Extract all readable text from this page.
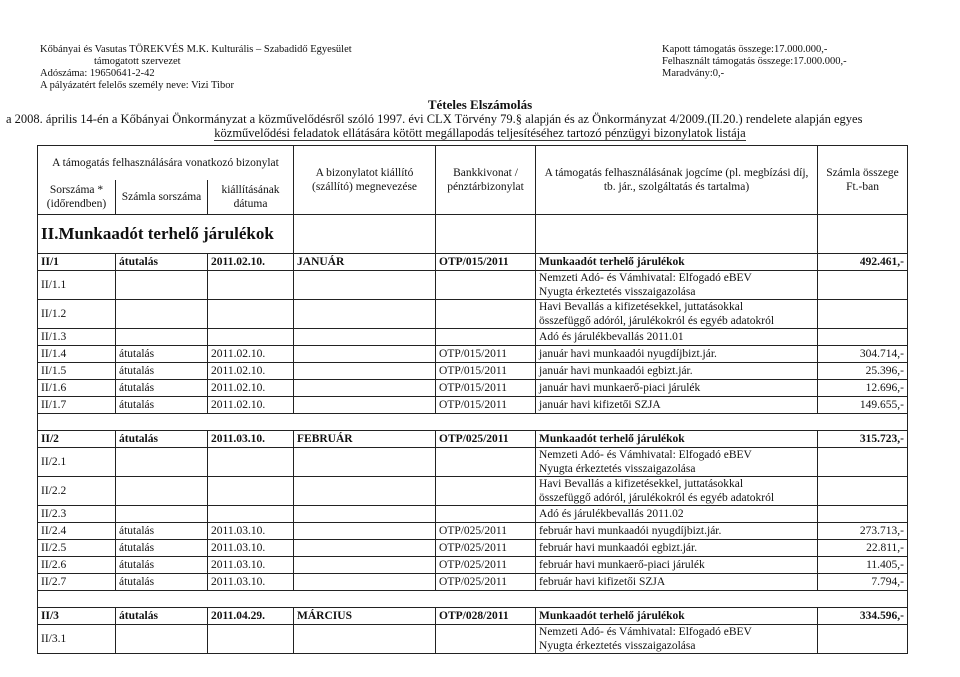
Kőbányai és Vasutas TÖREKVÉS M.K. Kulturális – Szabadidő Egyesület
támogatott szervezet
Adószáma: 19650641-2-42
A pályázatért felelős személy neve: Vizi Tibor
Kapott támogatás összege:17.000.000,-
Felhasznált támogatás összege:17.000.000,-
Maradvány:0,-
Tételes Elszámolás
a 2008. április 14-én a Kőbányai Önkormányzat a közművelődésről szóló 1997. évi CLX Törvény 79.§ alapján és az Önkormányzat 4/2009.(II.20.) rendelete alapján egyes
közművelődési feladatok ellátására kötött megállapodás teljesítéséhez tartozó pénzügyi bizonylatok listája
A támogatás felhasználására vonatkozó bizonylat			A bizonylatot kiállító (szállító) megnevezése	Bankkivonat / pénztárbizonylat	A támogatás felhasználásának jogcíme (pl. megbízási díj, tb. jár., szolgáltatás és tartalma)	Számla összege Ft.-ban
Sorszáma * (időrendben)	Számla sorszáma	kiállításának dátuma				
II.Munkaadót terhelő járulékok						
II/1	átutalás	2011.02.10.	JANUÁR	OTP/015/2011	Munkaadót terhelő járulékok	492.461,-
II/1.1					Nemzeti Adó- és Vámhivatal: Elfogadó eBEV
Nyugta érkeztetés visszaigazolása	

II/1.2					Havi Bevallás a kifizetésekkel, juttatásokkal
összefüggő adóról, járulékokról és egyéb adatokról	

II/1.3					Adó és járulékbevallás 2011.01	

II/1.4	átutalás	2011.02.10.		OTP/015/2011	január havi munkaadói nyugdíjbizt.jár.	304.714,-
II/1.5	átutalás	2011.02.10.		OTP/015/2011	január havi munkaadói egbizt.jár.	25.396,-
II/1.6	átutalás	2011.02.10.		OTP/015/2011	január havi munkaerő-piaci járulék	12.696,-
II/1.7	átutalás	2011.02.10.		OTP/015/2011	január havi kifizetői SZJA	149.655,-

II/2	átutalás	2011.03.10.	FEBRUÁR	OTP/025/2011	Munkaadót terhelő járulékok	315.723,-
II/2.1					Nemzeti Adó- és Vámhivatal: Elfogadó eBEV
Nyugta érkeztetés visszaigazolása	

II/2.2					Havi Bevallás a kifizetésekkel, juttatásokkal
összefüggő adóról, járulékokról és egyéb adatokról	

II/2.3					Adó és járulékbevallás 2011.02	

II/2.4	átutalás	2011.03.10.		OTP/025/2011	február havi munkaadói nyugdíjbizt.jár.	273.713,-
II/2.5	átutalás	2011.03.10.		OTP/025/2011	február havi munkaadói egbizt.jár.	22.811,-
II/2.6	átutalás	2011.03.10.		OTP/025/2011	február havi munkaerő-piaci járulék	11.405,-
II/2.7	átutalás	2011.03.10.		OTP/025/2011	február havi kifizetői SZJA	7.794,-

II/3	átutalás	2011.04.29.	MÁRCIUS	OTP/028/2011	Munkaadót terhelő járulékok	334.596,-
II/3.1					Nemzeti Adó- és Vámhivatal: Elfogadó eBEV
Nyugta érkeztetés visszaigazolása	
